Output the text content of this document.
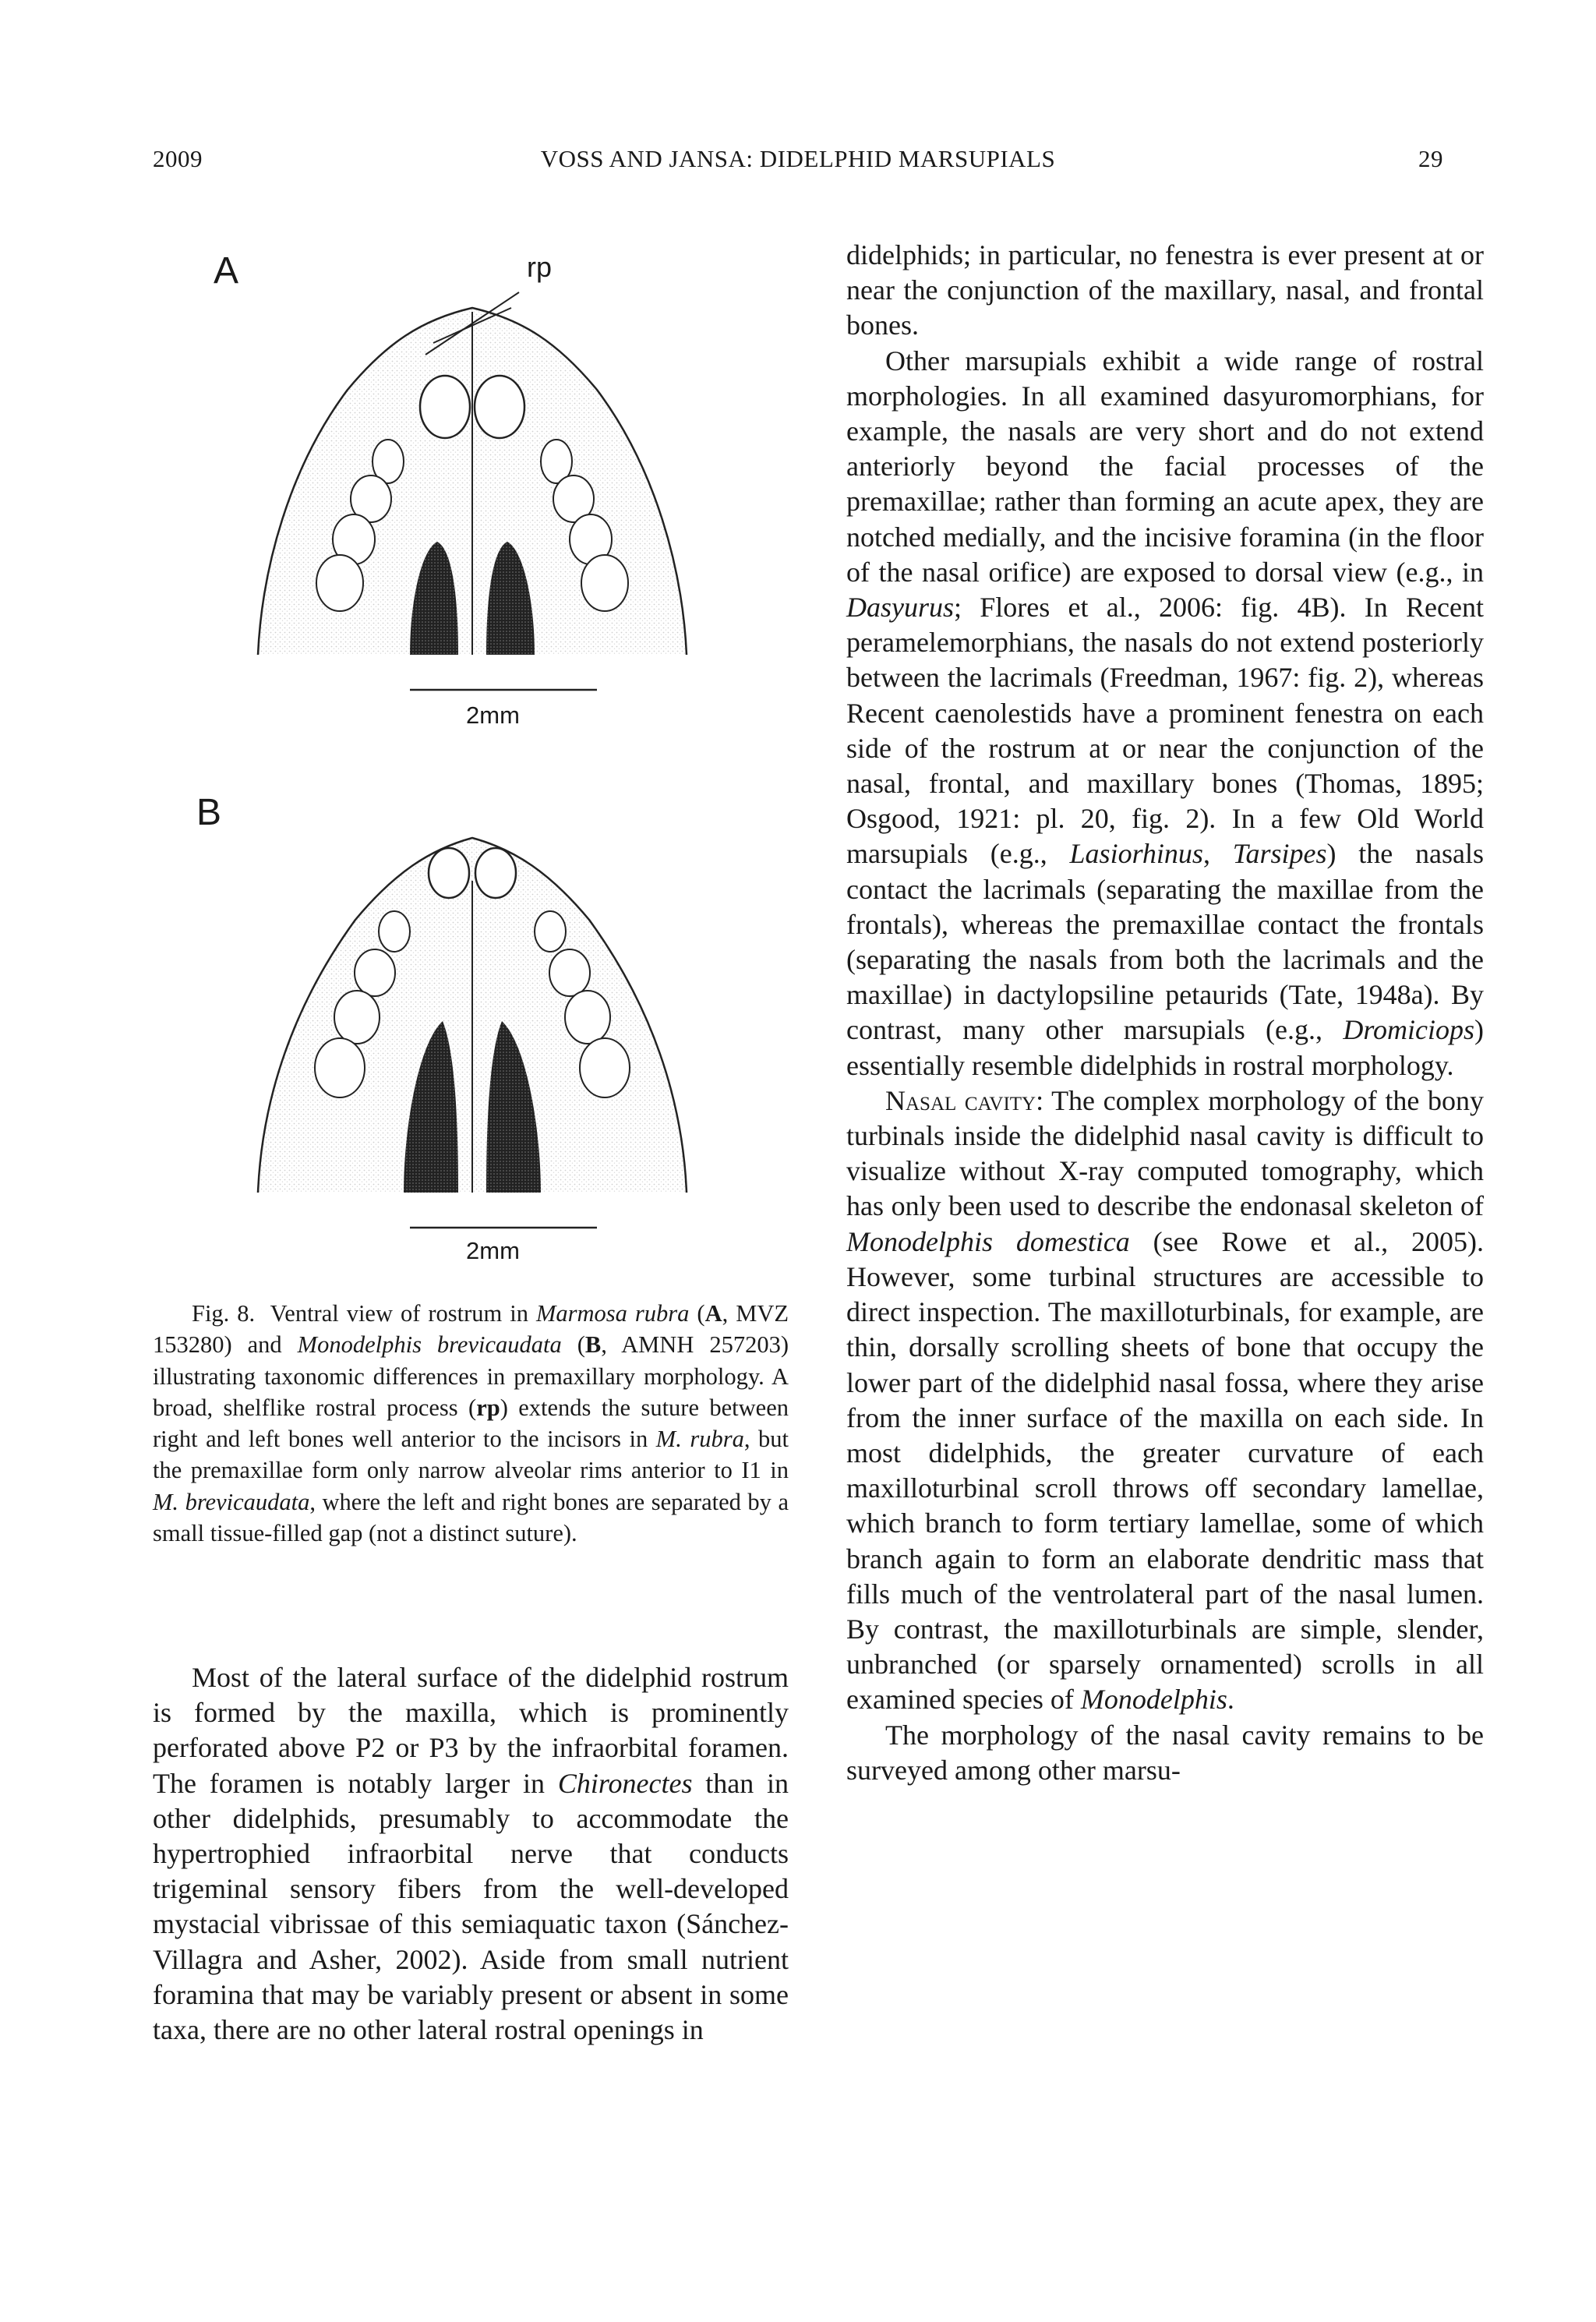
2009	VOSS AND JANSA: DIDELPHID MARSUPIALS	29
A	rp
2mm
B
2mm
Fig. 8. Ventral view of rostrum in Marmosa rubra (A, MVZ 153280) and Monodelphis brevicaudata (B, AMNH 257203) illustrating taxonomic differences in premaxillary morphology. A broad, shelflike rostral process (rp) extends the suture between right and left bones well anterior to the incisors in M. rubra, but the premaxillae form only narrow alveolar rims anterior to I1 in M. brevicaudata, where the left and right bones are separated by a small tissue-filled gap (not a distinct suture).

Most of the lateral surface of the didelphid rostrum is formed by the maxilla, which is prominently perforated above P2 or P3 by the infraorbital foramen. The foramen is notably larger in Chironectes than in other didelphids, presumably to accommodate the hypertrophied infraorbital nerve that conducts trigeminal sensory fibers from the well-developed mystacial vibrissae of this semiaquatic taxon (Sánchez-Villagra and Asher, 2002). Aside from small nutrient foramina that may be variably present or absent in some taxa, there are no other lateral rostral openings in

didelphids; in particular, no fenestra is ever present at or near the conjunction of the maxillary, nasal, and frontal bones.

Other marsupials exhibit a wide range of rostral morphologies. In all examined dasyuromorphians, for example, the nasals are very short and do not extend anteriorly beyond the facial processes of the premaxillae; rather than forming an acute apex, they are notched medially, and the incisive foramina (in the floor of the nasal orifice) are exposed to dorsal view (e.g., in Dasyurus; Flores et al., 2006: fig. 4B). In Recent peramelemorphians, the nasals do not extend posteriorly between the lacrimals (Freedman, 1967: fig. 2), whereas Recent caenolestids have a prominent fenestra on each side of the rostrum at or near the conjunction of the nasal, frontal, and maxillary bones (Thomas, 1895; Osgood, 1921: pl. 20, fig. 2). In a few Old World marsupials (e.g., Lasiorhinus, Tarsipes) the nasals contact the lacrimals (separating the maxillae from the frontals), whereas the premaxillae contact the frontals (separating the nasals from both the lacrimals and the maxillae) in dactylopsiline petaurids (Tate, 1948a). By contrast, many other marsupials (e.g., Dromiciops) essentially resemble didelphids in rostral morphology.

Nasal cavity: The complex morphology of the bony turbinals inside the didelphid nasal cavity is difficult to visualize without X-ray computed tomography, which has only been used to describe the endonasal skeleton of Monodelphis domestica (see Rowe et al., 2005). However, some turbinal structures are accessible to direct inspection. The maxilloturbinals, for example, are thin, dorsally scrolling sheets of bone that occupy the lower part of the didelphid nasal fossa, where they arise from the inner surface of the maxilla on each side. In most didelphids, the greater curvature of each maxilloturbinal scroll throws off secondary lamellae, which branch to form tertiary lamellae, some of which branch again to form an elaborate dendritic mass that fills much of the ventrolateral part of the nasal lumen. By contrast, the maxilloturbinals are simple, slender, unbranched (or sparsely ornamented) scrolls in all examined species of Monodelphis.

The morphology of the nasal cavity remains to be surveyed among other marsu-
